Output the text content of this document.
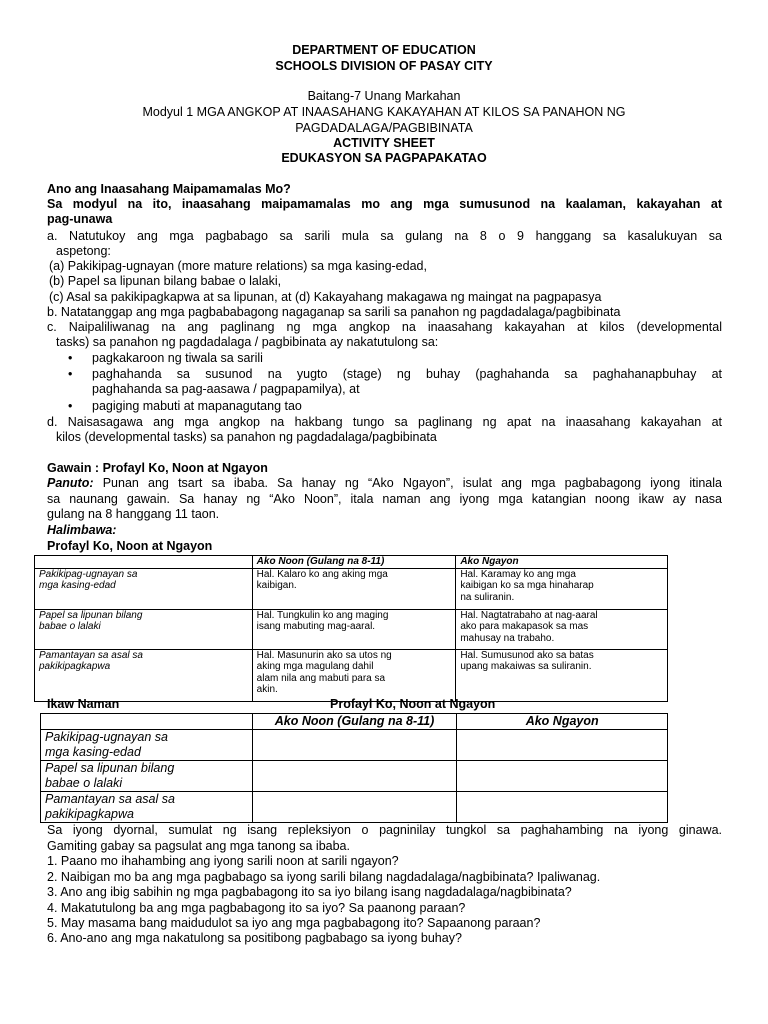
DEPARTMENT OF EDUCATION
SCHOOLS DIVISION OF PASAY CITY
Baitang-7 Unang Markahan
Modyul 1 MGA ANGKOP AT INAASAHANG KAKAYAHAN AT KILOS SA PANAHON NG
PAGDADALAGA/PAGBIBINATA
ACTIVITY SHEET
EDUKASYON SA PAGPAPAKATAO
Ano ang Inaasahang Maipamamalas Mo?
Sa modyul na ito, inaasahang maipamamalas mo ang mga sumusunod na kaalaman, kakayahan at
pag-unawa
a. Natutukoy ang mga pagbabago sa sarili mula sa gulang na 8 o 9 hanggang sa kasalukuyan sa
aspetong:
(a) Pakikipag-ugnayan (more mature relations) sa mga kasing-edad,
(b) Papel sa lipunan bilang babae o lalaki,
(c) Asal sa pakikipagkapwa at sa lipunan, at (d) Kakayahang makagawa ng maingat na pagpapasya
b. Natatanggap ang mga pagbababagong nagaganap sa sarili sa panahon ng pagdadalaga/pagbibinata
c. Naipaliliwanag na ang paglinang ng mga angkop na inaasahang kakayahan at kilos (developmental
tasks) sa panahon ng pagdadalaga / pagbibinata ay nakatutulong sa:
• pagkakaroon ng tiwala sa sarili
• paghahanda sa susunod na yugto (stage) ng buhay (paghahanda sa paghahanapbuhay at
paghahanda sa pag-aasawa / pagpapamilya), at
• pagiging mabuti at mapanagutang tao
d. Naisasagawa ang mga angkop na hakbang tungo sa paglinang ng apat na inaasahang kakayahan at
kilos (developmental tasks) sa panahon ng pagdadalaga/pagbibinata
Gawain : Profayl Ko, Noon at Ngayon
Panuto: Punan ang tsart sa ibaba. Sa hanay ng “Ako Ngayon”, isulat ang mga pagbabagong iyong itinala
sa naunang gawain. Sa hanay ng “Ako Noon”, itala naman ang iyong mga katangian noong ikaw ay nasa
gulang na 8 hanggang 11 taon.
Halimbawa:
Profayl Ko, Noon at Ngayon
	Ako Noon (Gulang na 8-11)	Ako Ngayon

Pakikipag-ugnayan sa
mga kasing-edad	Hal. Kalaro ko ang aking mga
kaibigan.	Hal. Karamay ko ang mga
kaibigan ko sa mga hinaharap
na suliranin.

Papel sa lipunan bilang
babae o lalaki	Hal. Tungkulin ko ang maging
isang mabuting mag-aaral.	Hal. Nagtatrabaho at nag-aaral
ako para makapasok sa mas
mahusay na trabaho.

Pamantayan sa asal sa
pakikipagkapwa	Hal. Masunurin ako sa utos ng
aking mga magulang dahil
alam nila ang mabuti para sa
akin.	Hal. Sumusunod ako sa batas
upang makaiwas sa suliranin.
Ikaw Naman	Profayl Ko, Noon at Ngayon
	Ako Noon (Gulang na 8-11)	Ako Ngayon

Pakikipag-ugnayan sa
mga kasing-edad		

Papel sa lipunan bilang
babae o lalaki		

Pamantayan sa asal sa
pakikipagkapwa		

Sa iyong dyornal, sumulat ng isang repleksiyon o pagninilay tungkol sa paghahambing na iyong ginawa.
Gamiting gabay sa pagsulat ang mga tanong sa ibaba.
1. Paano mo ihahambing ang iyong sarili noon at sarili ngayon?
2. Naibigan mo ba ang mga pagbabago sa iyong sarili bilang nagdadalaga/nagbibinata? Ipaliwanag.
3. Ano ang ibig sabihin ng mga pagbabagong ito sa iyo bilang isang nagdadalaga/nagbibinata?
4. Makatutulong ba ang mga pagbabagong ito sa iyo? Sa paanong paraan?
5. May masama bang maidudulot sa iyo ang mga pagbabagong ito? Sapaanong paraan?
6. Ano-ano ang mga nakatulong sa positibong pagbabago sa iyong buhay?
